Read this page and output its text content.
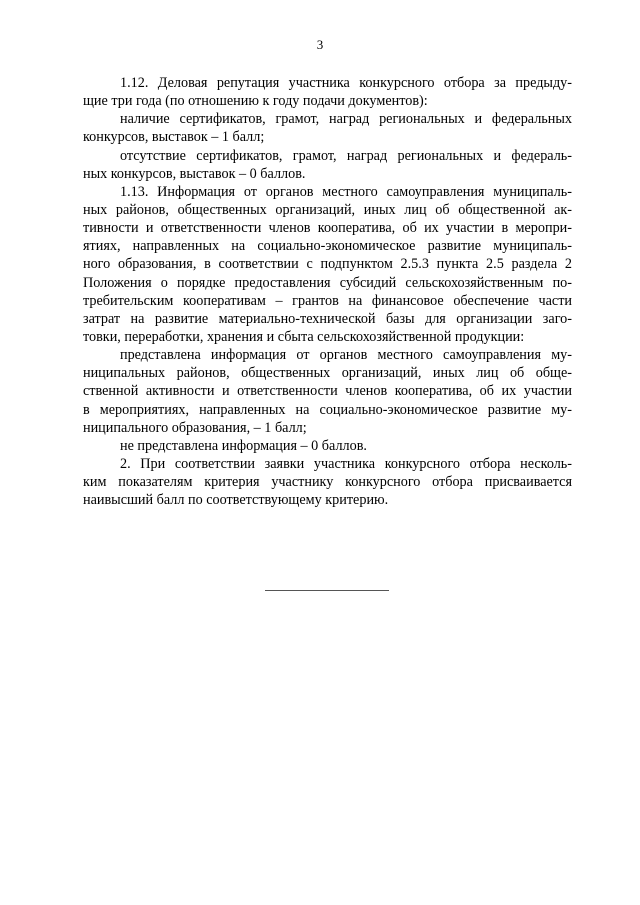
3
1.12. Деловая репутация участника конкурсного отбора за предыду-
щие три года (по отношению к году подачи документов):
наличие сертификатов, грамот, наград региональных и федеральных
конкурсов, выставок – 1 балл;
отсутствие сертификатов, грамот, наград региональных и федераль-
ных конкурсов, выставок – 0 баллов.
1.13. Информация от органов местного самоуправления муниципаль-
ных районов, общественных организаций, иных лиц об общественной ак-
тивности и ответственности членов кооператива, об их участии в меропри-
ятиях, направленных на социально-экономическое развитие муниципаль-
ного образования, в соответствии с подпунктом 2.5.3 пункта 2.5 раздела 2
Положения о порядке предоставления субсидий сельскохозяйственным по-
требительским кооперативам – грантов на финансовое обеспечение части
затрат на развитие материально-технической базы для организации заго-
товки, переработки, хранения и сбыта сельскохозяйственной продукции:
представлена информация от органов местного самоуправления му-
ниципальных районов, общественных организаций, иных лиц об обще-
ственной активности и ответственности членов кооператива, об их участии
в мероприятиях, направленных на социально-экономическое развитие му-
ниципального образования, – 1 балл;
не представлена информация – 0 баллов.
2. При соответствии заявки участника конкурсного отбора несколь-
ким показателям критерия участнику конкурсного отбора присваивается
наивысший балл по соответствующему критерию.
